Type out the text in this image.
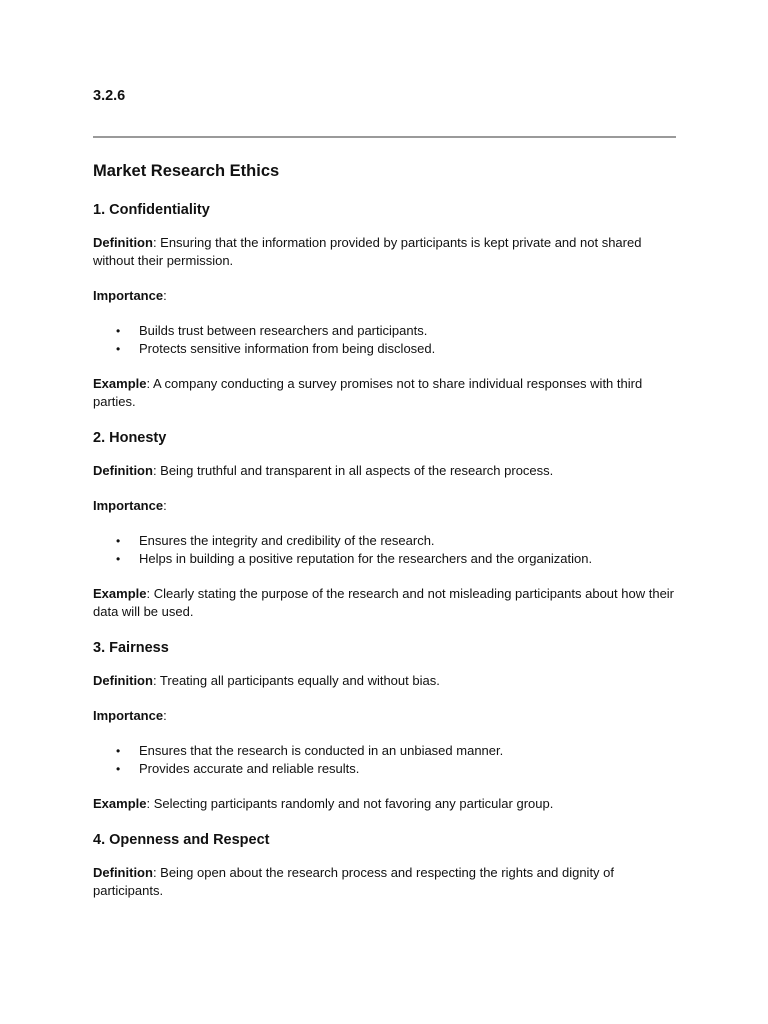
3.2.6
Market Research Ethics
1. Confidentiality

Definition: Ensuring that the information provided by participants is kept private and not shared without their permission.

Importance:

• Builds trust between researchers and participants.
• Protects sensitive information from being disclosed.

Example: A company conducting a survey promises not to share individual responses with third parties.

2. Honesty

Definition: Being truthful and transparent in all aspects of the research process.

Importance:

• Ensures the integrity and credibility of the research.
• Helps in building a positive reputation for the researchers and the organization.

Example: Clearly stating the purpose of the research and not misleading participants about how their data will be used.

3. Fairness

Definition: Treating all participants equally and without bias.

Importance:

• Ensures that the research is conducted in an unbiased manner.
• Provides accurate and reliable results.

Example: Selecting participants randomly and not favoring any particular group.

4. Openness and Respect

Definition: Being open about the research process and respecting the rights and dignity of participants.
